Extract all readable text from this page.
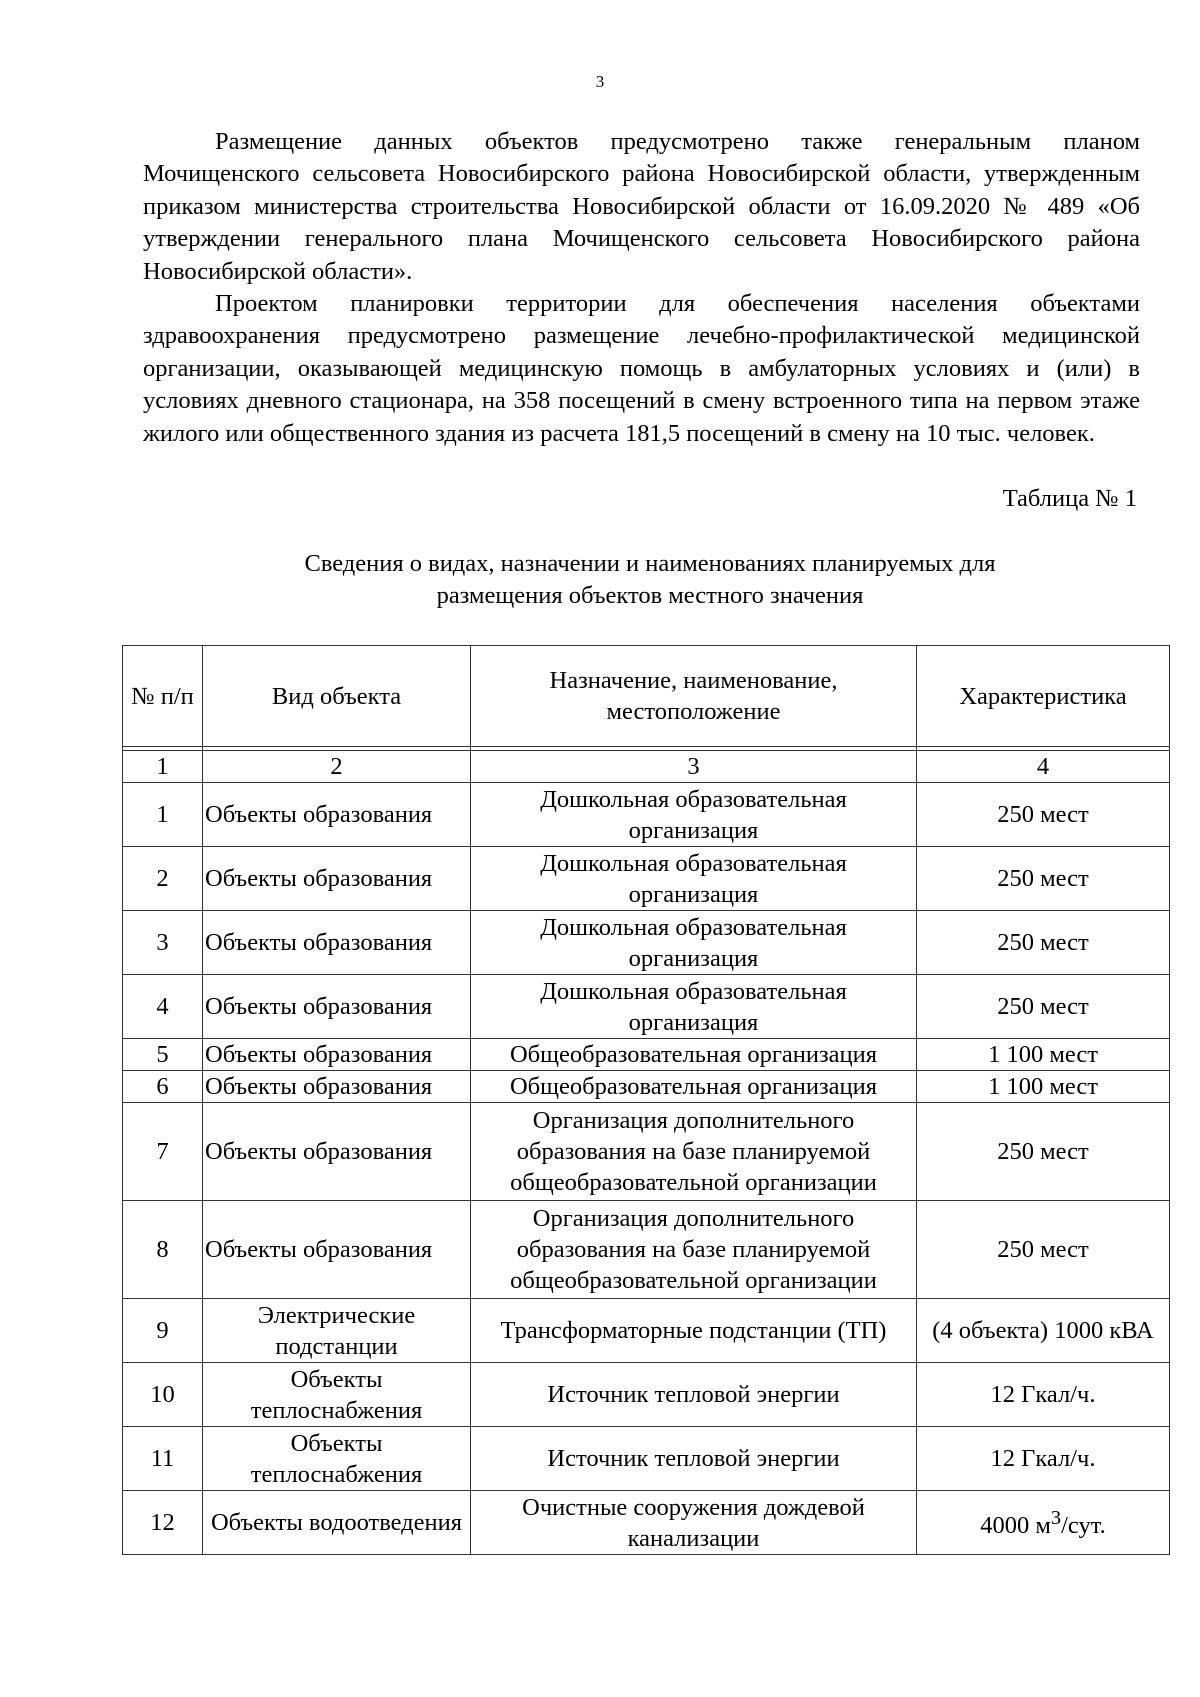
3

Размещение данных объектов предусмотрено также генеральным планом Мочищенского сельсовета Новосибирского района Новосибирской области, утвержденным приказом министерства строительства Новосибирской области от 16.09.2020 № 489 «Об утверждении генерального плана Мочищенского сельсовета Новосибирского района Новосибирской области».

Проектом планировки территории для обеспечения населения объектами здравоохранения предусмотрено размещение лечебно-профилактической медицинской организации, оказывающей медицинскую помощь в амбулаторных условиях и (или) в условиях дневного стационара, на 358 посещений в смену встроенного типа на первом этаже жилого или общественного здания из расчета 181,5 посещений в смену на 10 тыс. человек.

Таблица № 1
Сведения о видах, назначении и наименованиях планируемых для
размещения объектов местного значения
№ п/п	Вид объекта	Назначение, наименование, местоположение	Характеристика

1	2	3	4
1	Объекты образования	Дошкольная образовательная организация	250 мест
2	Объекты образования	Дошкольная образовательная организация	250 мест
3	Объекты образования	Дошкольная образовательная организация	250 мест
4	Объекты образования	Дошкольная образовательная организация	250 мест
5	Объекты образования	Общеобразовательная организация	1 100 мест
6	Объекты образования	Общеобразовательная организация	1 100 мест
7	Объекты образования	Организация дополнительного образования на базе планируемой общеобразовательной организации	250 мест
8	Объекты образования	Организация дополнительного образования на базе планируемой общеобразовательной организации	250 мест
9	Электрические подстанции	Трансформаторные подстанции (ТП)	(4 объекта) 1000 кВА
10	Объекты теплоснабжения	Источник тепловой энергии	12 Гкал/ч.
11	Объекты теплоснабжения	Источник тепловой энергии	12 Гкал/ч.
12	Объекты водоотведения	Очистные сооружения дождевой канализации	4000 $м^3$/сут.
